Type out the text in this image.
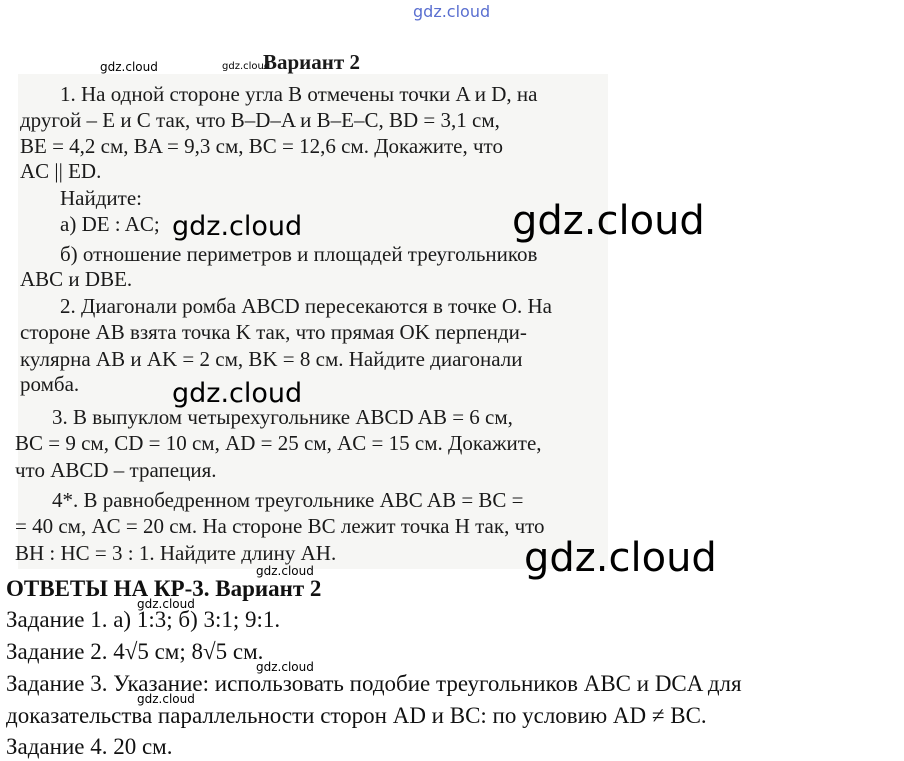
gdz.cloud
gdz.cloud	gdz.cloud
Вариант 2
1. На одной стороне угла B отмечены точки A и D, на
другой – E и C так, что B–D–A и B–E–C, BD = 3,1 см,
BE = 4,2 см, BA = 9,3 см, BC = 12,6 см. Докажите, что
AC || ED.
Найдите:
а) DE : AC;
б) отношение периметров и площадей треугольников
ABC и DBE.
2. Диагонали ромба ABCD пересекаются в точке O. На
стороне AB взята точка K так, что прямая OK перпенди-
кулярна AB и AK = 2 см, BK = 8 см. Найдите диагонали
ромба.
3. В выпуклом четырехугольнике ABCD AB = 6 см,
BC = 9 см, CD = 10 см, AD = 25 см, AC = 15 см. Докажите,
что ABCD – трапеция.
4*. В равнобедренном треугольнике ABC AB = BC =
= 40 см, AC = 20 см. На стороне BC лежит точка H так, что
BH : HC = 3 : 1. Найдите длину AH.
gdz.cloud	gdz.cloud
gdz.cloud
gdz.cloud
gdz.cloud
ОТВЕТЫ НА КР-3. Вариант 2
gdz.cloud
Задание 1. а) 1:3; б) 3:1; 9:1.
Задание 2. 4√5 см; 8√5 см.
gdz.cloud
Задание 3. Указание: использовать подобие треугольников ABC и DCA для
gdz.cloud
доказательства параллельности сторон AD и BC: по условию AD ≠ BC.
Задание 4. 20 см.
